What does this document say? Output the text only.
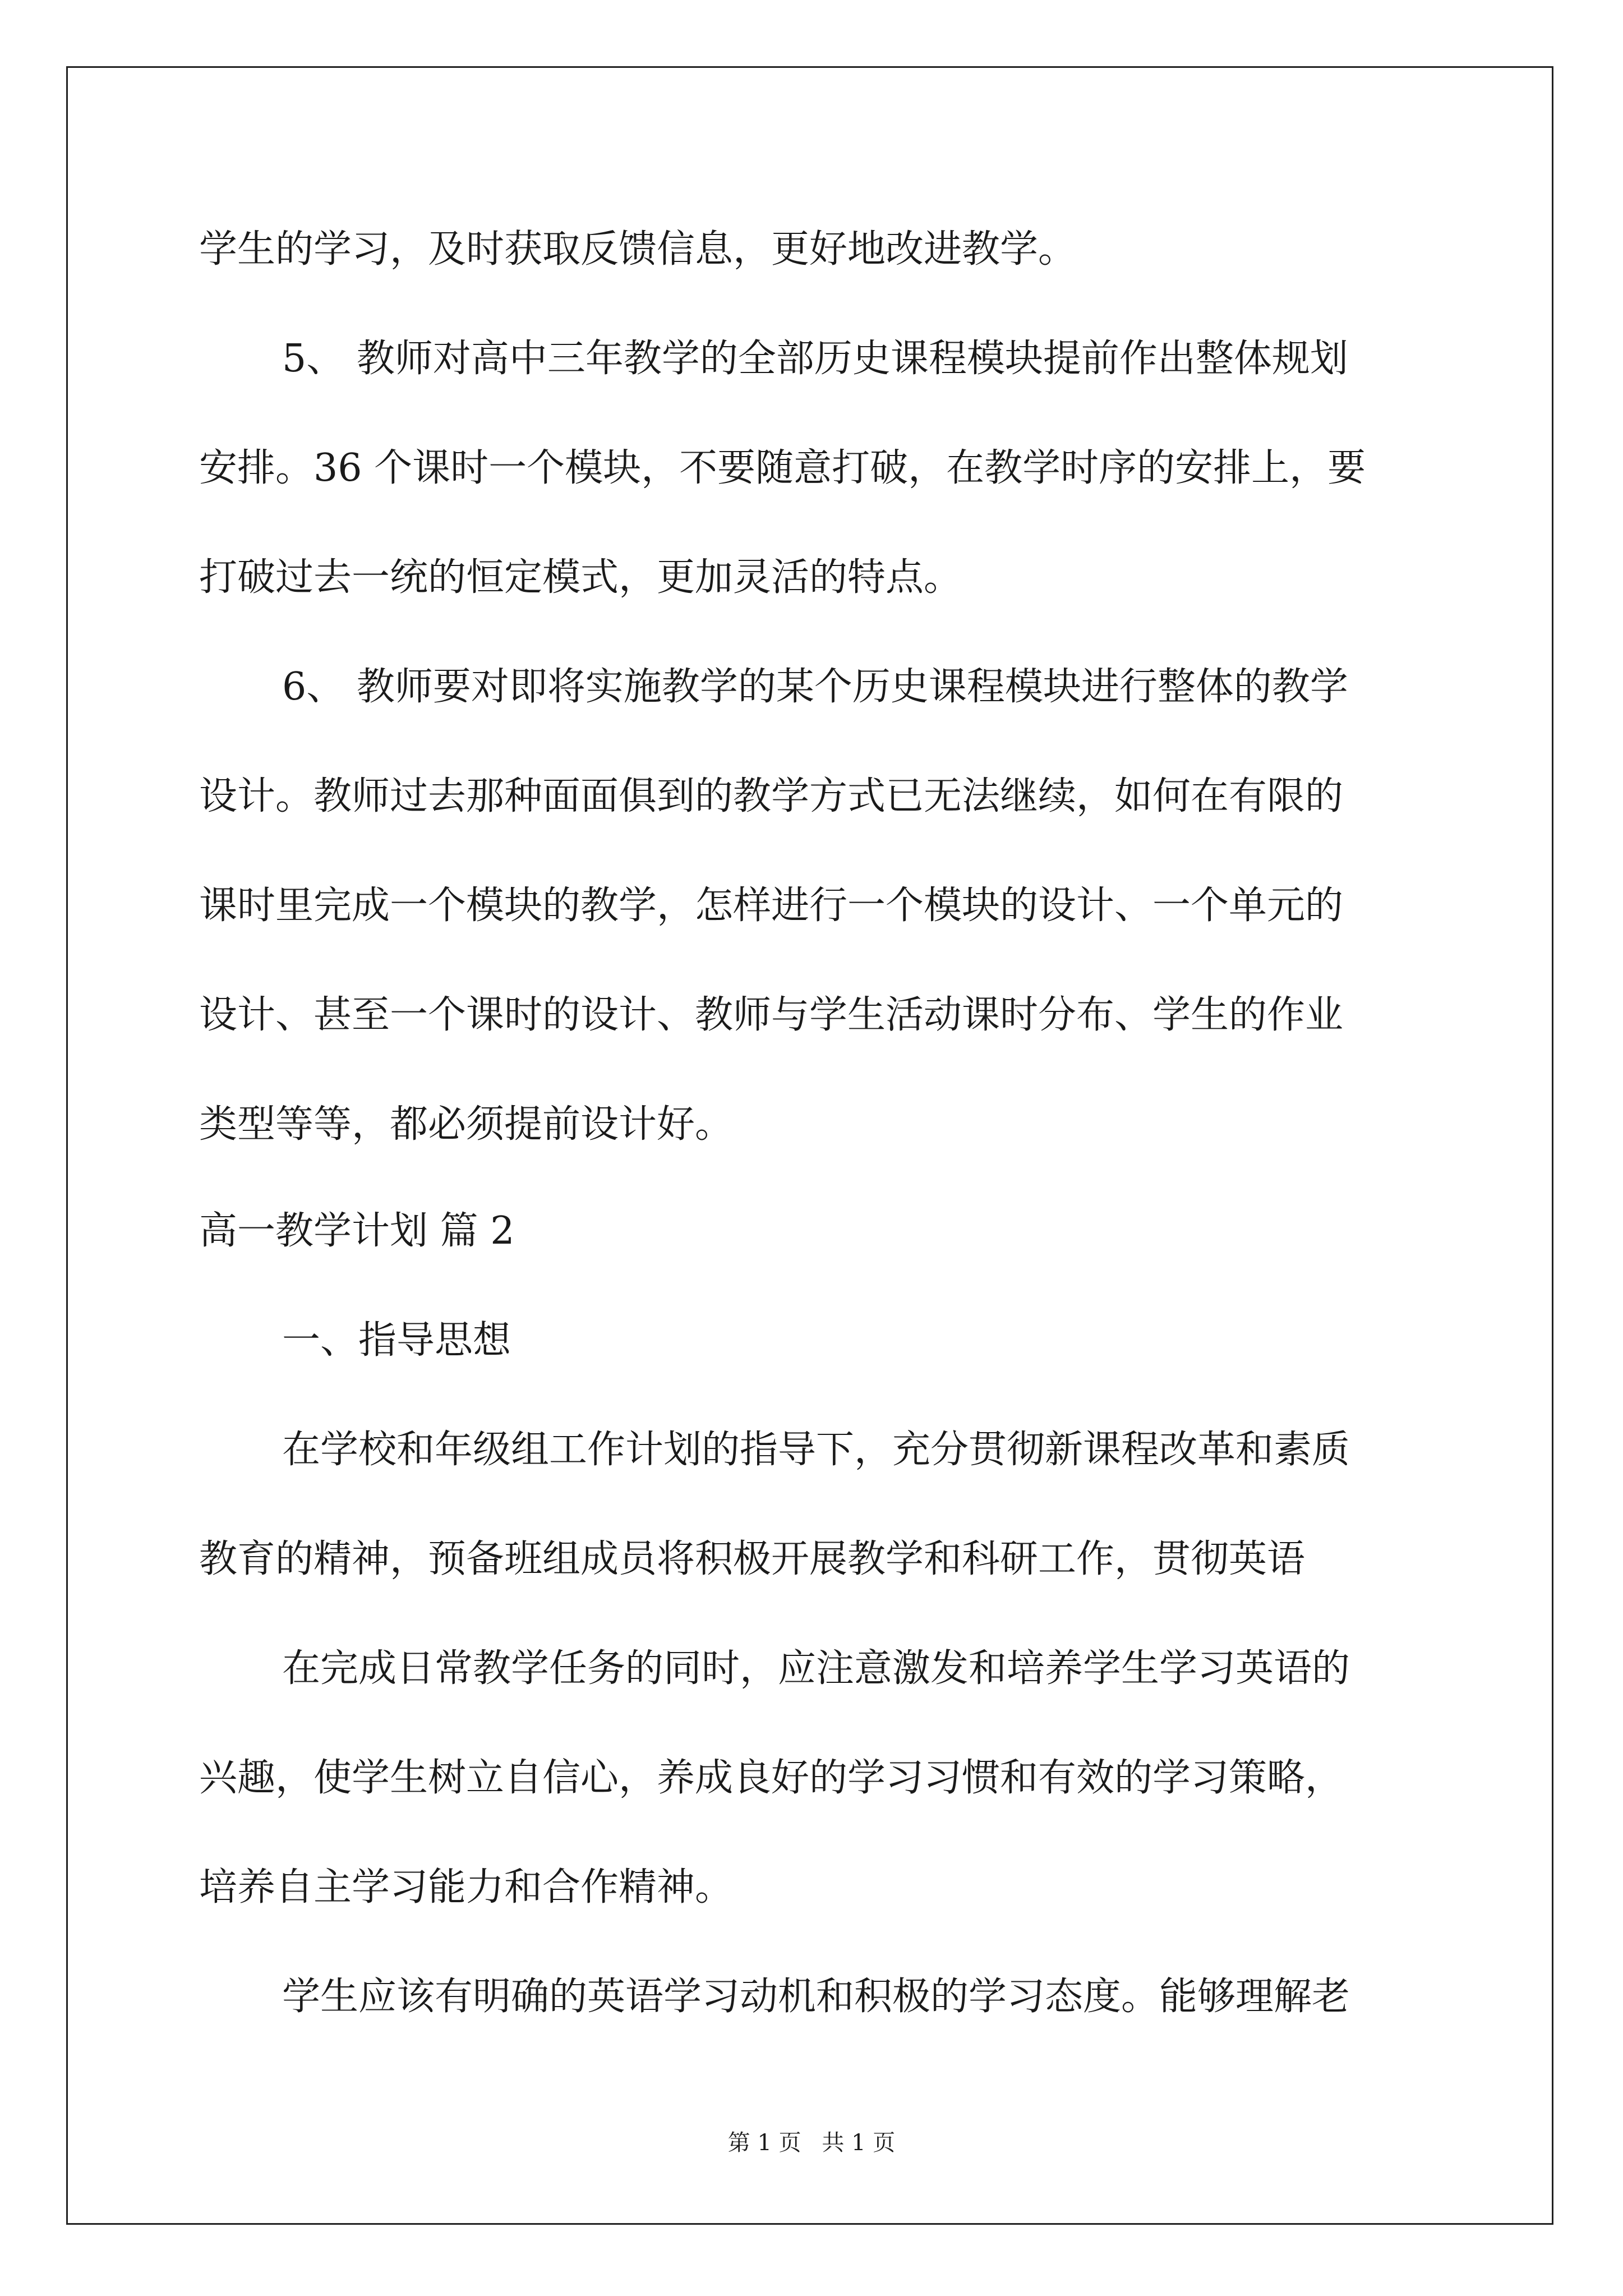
学生的学习，及时获取反馈信息，更好地改进教学。
5、 教师对高中三年教学的全部历史课程模块提前作出整体规划
安排。36 个课时一个模块，不要随意打破，在教学时序的安排上，要
打破过去一统的恒定模式，更加灵活的特点。
6、 教师要对即将实施教学的某个历史课程模块进行整体的教学
设计。教师过去那种面面俱到的教学方式已无法继续，如何在有限的
课时里完成一个模块的教学，怎样进行一个模块的设计、一个单元的
设计、甚至一个课时的设计、教师与学生活动课时分布、学生的作业
类型等等，都必须提前设计好。
高一教学计划 篇 2
一、指导思想
在学校和年级组工作计划的指导下，充分贯彻新课程改革和素质
教育的精神，预备班组成员将积极开展教学和科研工作，贯彻英语
在完成日常教学任务的同时，应注意激发和培养学生学习英语的
兴趣，使学生树立自信心，养成良好的学习习惯和有效的学习策略，
培养自主学习能力和合作精神。
学生应该有明确的英语学习动机和积极的学习态度。能够理解老
第 1 页 共 1 页
